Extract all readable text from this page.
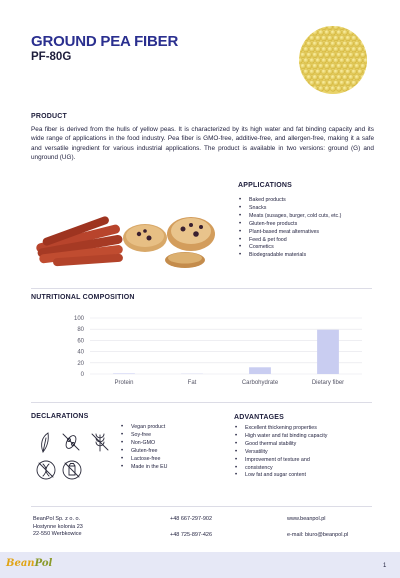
GROUND PEA FIBER
PF-80G
PRODUCT

Pea fiber is derived from the hulls of yellow peas. It is characterized by its high water and fat binding capacity and its wide range of applications in the food industry. Pea fiber is GMO-free, additive-free, and allergen-free, making it a safe and versatile ingredient for various industrial applications. The product is available in two versions: ground (G) and unground (UG).

APPLICATIONS
• Baked products
• Snacks
• Meats (susages, burger, cold cuts, etc.)
• Gluten-free products
• Plant-based meat alternatives
• Feed & pet food
• Cosmetics
• Biodegradable materials
NUTRITIONAL COMPOSITION
0
20
40
60
80
100
Protein	Fat	Carbohydrate	Dietary fiber
DECLARATIONS
• Vegan product
• Soy-free
• Non-GMO
• Gluten-free
• Lactose-free
• Made in the EU
ADVANTAGES
• Excellent thickening properties
• High water and fat binding capacity
• Good thermal stability
• Versatility
• Improvement of texture and
• consistency
• Low fat and sugar content
BeanPol Sp. z o. o.
Hostynne kolonia 23
22-550 Werbkowice
+48 667-297-902
+48 725-897-426
www.beanpol.pl
e-mail: biuro@beanpol.pl
BeanPol	1
